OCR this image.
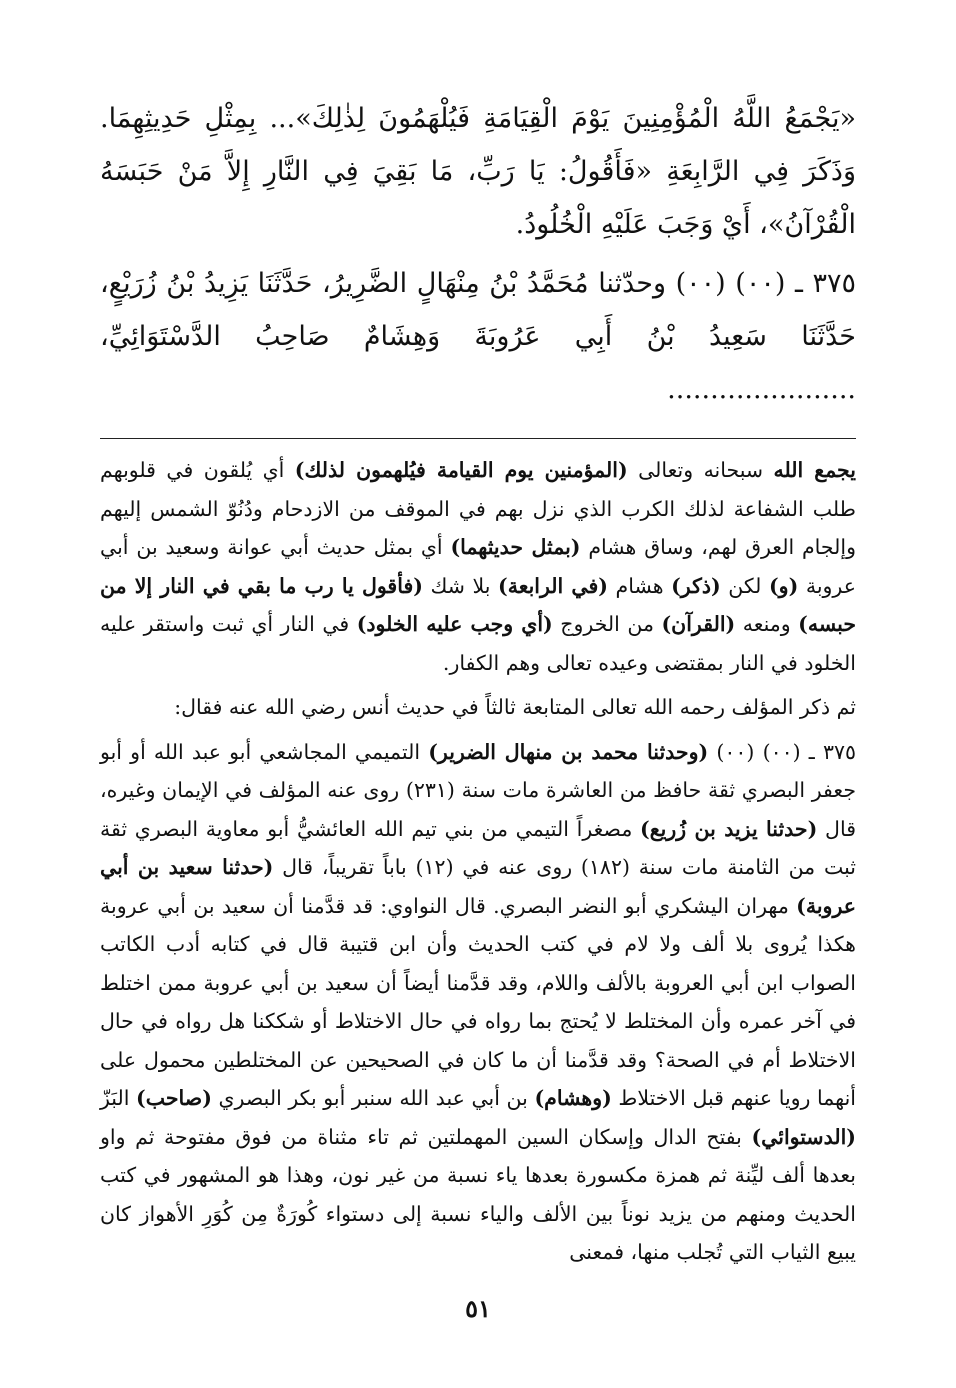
«يَجْمَعُ اللَّهُ الْمُؤْمِنِينَ يَوْمَ الْقِيَامَةِ فَيُلْهَمُونَ لِذٰلِكَ»... بِمِثْلِ حَدِيثِهِمَا. وَذَكَرَ فِي الرَّابِعَةِ «فَأَقُولُ: يَا رَبِّ، مَا بَقِيَ فِي النَّارِ إِلاَّ مَنْ حَبَسَهُ الْقُرْآنُ»، أَيْ وَجَبَ عَلَيْهِ الْخُلُودُ.

٣٧٥ ـ (٠٠) (٠٠) وحدّثنا مُحَمَّدُ بْنُ مِنْهَالٍ الضَّرِيرُ، حَدَّثَنَا يَزِيدُ بْنُ زُرَيْعٍ، حَدَّثَنَا سَعِيدُ بْنُ أَبِي عَرُوبَةَ وَهِشَامٌ صَاحِبُ الدَّسْتَوَائِيِّ، ......................

يجمع الله سبحانه وتعالى (المؤمنين يوم القيامة فيُلهمون لذلك) أي يُلقون في قلوبهم طلب الشفاعة لذلك الكرب الذي نزل بهم في الموقف من الازدحام ودُنُوّ الشمس إليهم وإلجام العرق لهم، وساق هشام (بمثل حديثهما) أي بمثل حديث أبي عوانة وسعيد بن أبي عروبة (و) لكن (ذكر) هشام (في الرابعة) بلا شك (فأقول يا رب ما بقي في النار إلا من حبسه) ومنعه (القرآن) من الخروج (أي وجب عليه الخلود) في النار أي ثبت واستقر عليه الخلود في النار بمقتضى وعيده تعالى وهم الكفار.

ثم ذكر المؤلف رحمه الله تعالى المتابعة ثالثاً في حديث أنس رضي الله عنه فقال:

٣٧٥ ـ (٠٠) (٠٠) (وحدثنا محمد بن منهال الضرير) التميمي المجاشعي أبو عبد الله أو أبو جعفر البصري ثقة حافظ من العاشرة مات سنة (٢٣١) روى عنه المؤلف في الإيمان وغيره، قال (حدثنا يزيد بن زُريع) مصغراً التيمي من بني تيم الله العائشيُّ أبو معاوية البصري ثقة ثبت من الثامنة مات سنة (١٨٢) روى عنه في (١٢) باباً تقريباً، قال (حدثنا سعيد بن أبي عروبة) مهران اليشكري أبو النضر البصري. قال النواوي: قد قدَّمنا أن سعيد بن أبي عروبة هكذا يُروى بلا ألف ولا لام في كتب الحديث وأن ابن قتيبة قال في كتابه أدب الكاتب الصواب ابن أبي العروبة بالألف واللام، وقد قدَّمنا أيضاً أن سعيد بن أبي عروبة ممن اختلط في آخر عمره وأن المختلط لا يُحتج بما رواه في حال الاختلاط أو شككنا هل رواه في حال الاختلاط أم في الصحة؟ وقد قدَّمنا أن ما كان في الصحيحين عن المختلطين محمول على أنهما رويا عنهم قبل الاختلاط (وهشام) بن أبي عبد الله سنبر أبو بكر البصري (صاحب) البَزّ (الدستوائي) بفتح الدال وإسكان السين المهملتين ثم تاء مثناة من فوق مفتوحة ثم واو بعدها ألف ليِّنة ثم همزة مكسورة بعدها ياء نسبة من غير نون، وهذا هو المشهور في كتب الحديث ومنهم من يزيد نوناً بين الألف والياء نسبة إلى دستواء كُورَةٌ مِن كُوَرِ الأهواز كان يبيع الثياب التي تُجلب منها، فمعنى

٥١
